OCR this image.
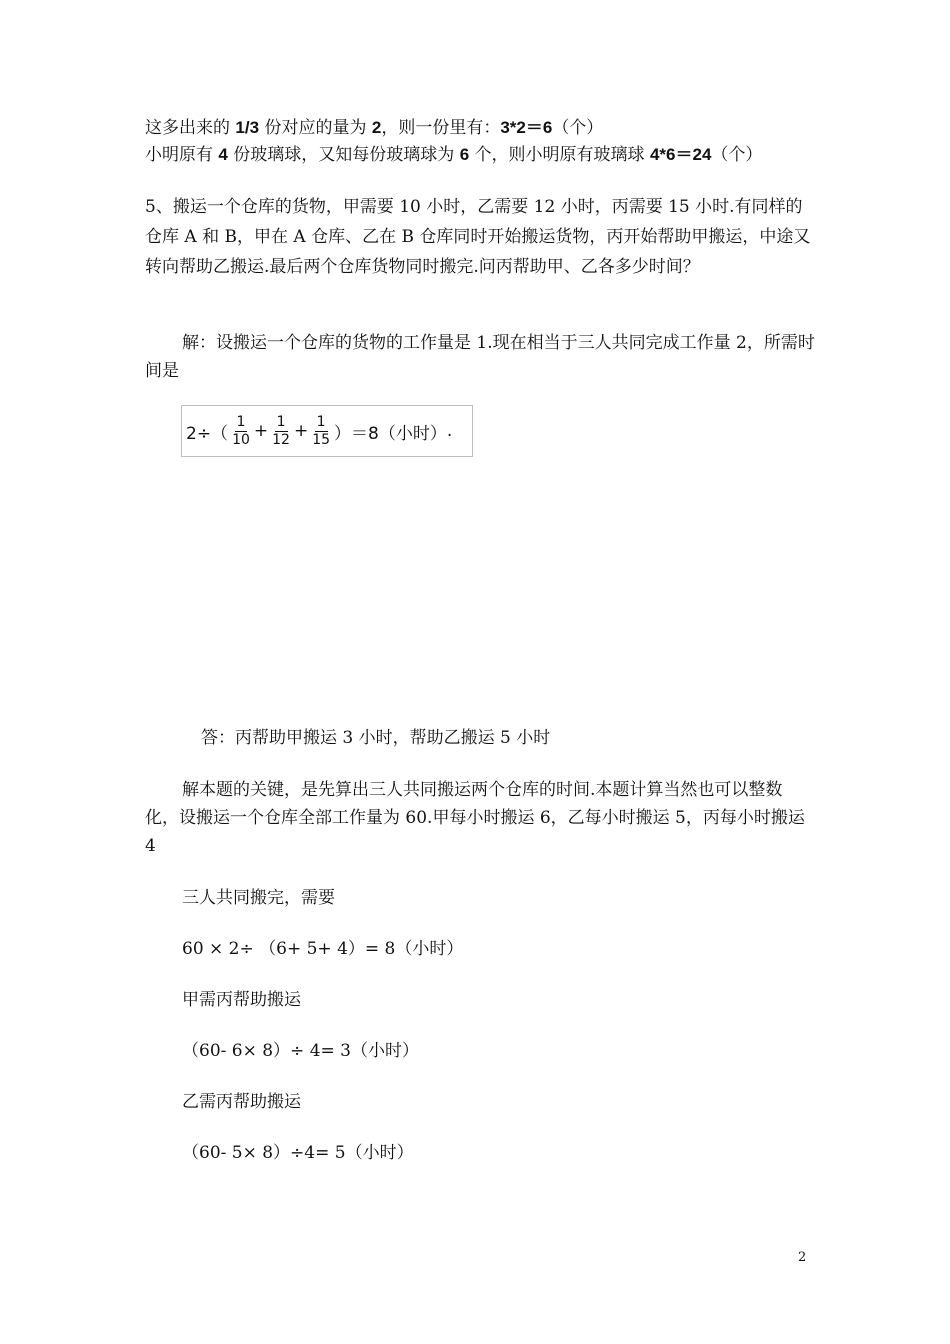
这多出来的 1/3 份对应的量为 2，则一份里有：3*2＝6（个）
小明原有 4 份玻璃球，又知每份玻璃球为 6 个，则小明原有玻璃球 4*6＝24（个）
5、搬运一个仓库的货物，甲需要 10 小时，乙需要 12 小时，丙需要 15 小时.有同样的仓库 A 和 B，甲在 A 仓库、乙在 B 仓库同时开始搬运货物，丙开始帮助甲搬运，中途又转向帮助乙搬运.最后两个仓库货物同时搬完.问丙帮助甲、乙各多少时间？
解：设搬运一个仓库的货物的工作量是 1.现在相当于三人共同完成工作量 2，所需时间是
$2\div( \frac{1}{10} + \frac{1}{12} + \frac{1}{15} )=8$（小时） .
答：丙帮助甲搬运 3 小时，帮助乙搬运 5 小时
解本题的关键，是先算出三人共同搬运两个仓库的时间.本题计算当然也可以整数化，设搬运一个仓库全部工作量为 60.甲每小时搬运 6，乙每小时搬运 5，丙每小时搬运 4
三人共同搬完，需要
60 × 2÷ （6+ 5+ 4）= 8（小时）
甲需丙帮助搬运
（60- 6× 8）÷ 4= 3（小时）
乙需丙帮助搬运
（60- 5× 8）÷4= 5（小时）
2
